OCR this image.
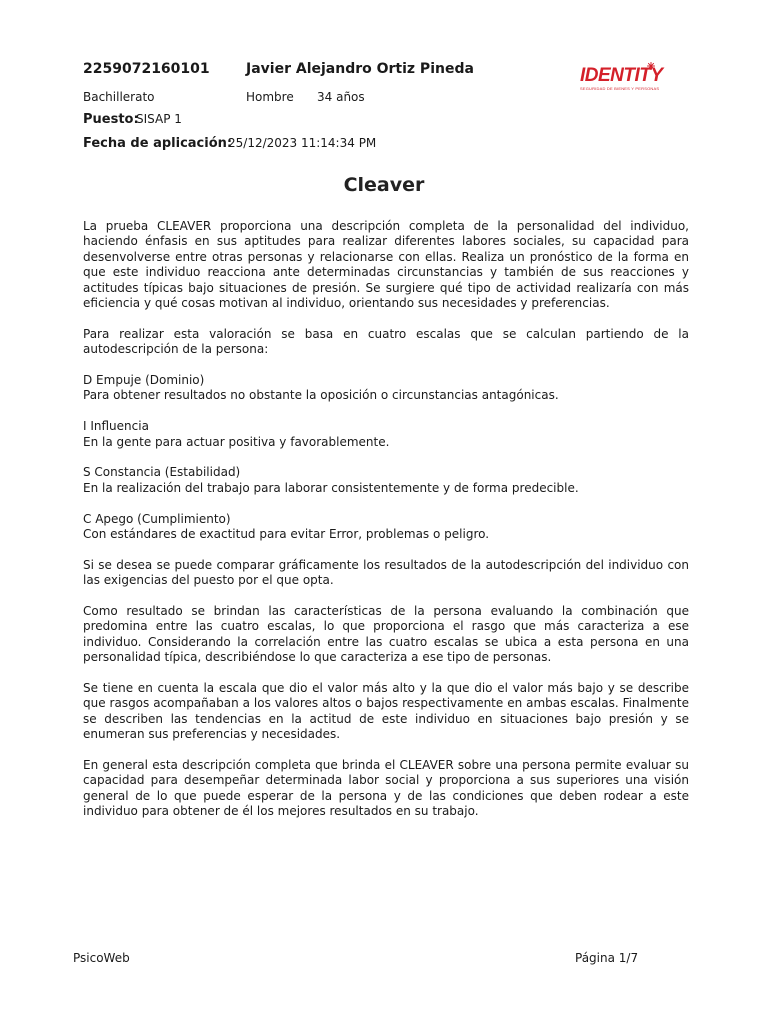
2259072160101	Javier Alejandro Ortiz Pineda
Bachillerato	Hombre 34 años
Puesto:
SISAP 1
Fecha de aplicación:
25/12/2023 11:14:34 PM
IDENTITY
SEGURIDAD DE BIENES Y PERSONAS
Cleaver

La prueba CLEAVER proporciona una descripción completa de la personalidad del individuo, haciendo énfasis en sus aptitudes para realizar diferentes labores sociales, su capacidad para desenvolverse entre otras personas y relacionarse con ellas. Realiza un pronóstico de la forma en que este individuo reacciona ante determinadas circunstancias y también de sus reacciones y actitudes típicas bajo situaciones de presión. Se surgiere qué tipo de actividad realizaría con más eficiencia y qué cosas motivan al individuo, orientando sus necesidades y preferencias.

Para realizar esta valoración se basa en cuatro escalas que se calculan partiendo de la autodescripción de la persona:

D Empuje (Dominio)

Para obtener resultados no obstante la oposición o circunstancias antagónicas.

I Influencia

En la gente para actuar positiva y favorablemente.

S Constancia (Estabilidad)

En la realización del trabajo para laborar consistentemente y de forma predecible.

C Apego (Cumplimiento)

Con estándares de exactitud para evitar Error, problemas o peligro.

Si se desea se puede comparar gráficamente los resultados de la autodescripción del individuo con las exigencias del puesto por el que opta.

Como resultado se brindan las características de la persona evaluando la combinación que predomina entre las cuatro escalas, lo que proporciona el rasgo que más caracteriza a ese individuo. Considerando la correlación entre las cuatro escalas se ubica a esta persona en una personalidad típica, describiéndose lo que caracteriza a ese tipo de personas.

Se tiene en cuenta la escala que dio el valor más alto y la que dio el valor más bajo y se describe que rasgos acompañaban a los valores altos o bajos respectivamente en ambas escalas. Finalmente se describen las tendencias en la actitud de este individuo en situaciones bajo presión y se enumeran sus preferencias y necesidades.

En general esta descripción completa que brinda el CLEAVER sobre una persona permite evaluar su capacidad para desempeñar determinada labor social y proporciona a sus superiores una visión general de lo que puede esperar de la persona y de las condiciones que deben rodear a este individuo para obtener de él los mejores resultados en su trabajo.

PsicoWeb	Página 1/7
